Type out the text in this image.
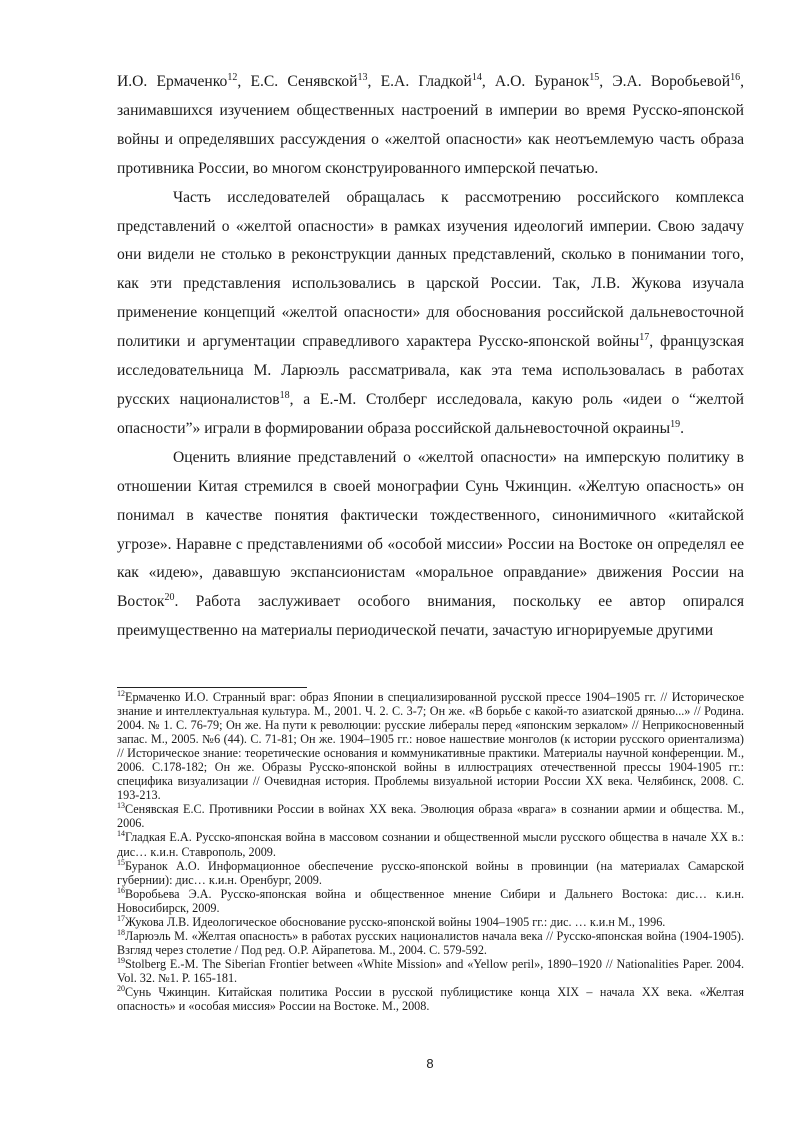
И.О. Ермаченко$^{12}$, Е.С. Сенявской$^{13}$, Е.А. Гладкой$^{14}$, А.О. Буранок$^{15}$, Э.А. Воробьевой$^{16}$, занимавшихся изучением общественных настроений в империи во время Русско-японской войны и определявших рассуждения о «желтой опасности» как неотъемлемую часть образа противника России, во многом сконструированного имперской печатью.

Часть исследователей обращалась к рассмотрению российского комплекса представлений о «желтой опасности» в рамках изучения идеологий империи. Свою задачу они видели не столько в реконструкции данных представлений, сколько в понимании того, как эти представления использовались в царской России. Так, Л.В. Жукова изучала применение концепций «желтой опасности» для обоснования российской дальневосточной политики и аргументации справедливого характера Русско-японской войны$^{17}$, французская исследовательница М. Ларюэль рассматривала, как эта тема использовалась в работах русских националистов$^{18}$, а Е.-М. Столберг исследовала, какую роль «идеи о “желтой опасности”» играли в формировании образа российской дальневосточной окраины$^{19}$.

Оценить влияние представлений о «желтой опасности» на имперскую политику в отношении Китая стремился в своей монографии Сунь Чжинцин. «Желтую опасность» он понимал в качестве понятия фактически тождественного, синонимичного «китайской угрозе». Наравне с представлениями об «особой миссии» России на Востоке он определял ее как «идею», дававшую экспансионистам «моральное оправдание» движения России на Восток$^{20}$. Работа заслуживает особого внимания, поскольку ее автор опирался преимущественно на материалы периодической печати, зачастую игнорируемые другими

$^{12}$Ермаченко И.О. Странный враг: образ Японии в специализированной русской прессе 1904–1905 гг. // Историческое знание и интеллектуальная культура. М., 2001. Ч. 2. С. 3-7; Он же. «В борьбе с какой-то азиатской дрянью...» // Родина. 2004. № 1. С. 76-79; Он же. На пути к революции: русские либералы перед «японским зеркалом» // Неприкосновенный запас. М., 2005. №6 (44). С. 71-81; Он же. 1904–1905 гг.: новое нашествие монголов (к истории русского ориентализма) // Историческое знание: теоретические основания и коммуникативные практики. Материалы научной конференции. М., 2006. С.178-182; Он же. Образы Русско-японской войны в иллюстрациях отечественной прессы 1904-1905 гг.: специфика визуализации // Очевидная история. Проблемы визуальной истории России XX века. Челябинск, 2008. С. 193-213.

$^{13}$Сенявская Е.С. Противники России в войнах XX века. Эволюция образа «врага» в сознании армии и общества. М., 2006.

$^{14}$Гладкая Е.А. Русско-японская война в массовом сознании и общественной мысли русского общества в начале XX в.: дис… к.и.н. Ставрополь, 2009.

$^{15}$Буранок А.О. Информационное обеспечение русско-японской войны в провинции (на материалах Самарской губернии): дис… к.и.н. Оренбург, 2009.

$^{16}$Воробьева Э.А. Русско-японская война и общественное мнение Сибири и Дальнего Востока: дис… к.и.н. Новосибирск, 2009.

$^{17}$Жукова Л.В. Идеологическое обоснование русско-японской войны 1904–1905 гг.: дис. … к.и.н М., 1996.

$^{18}$Ларюэль М. «Желтая опасность» в работах русских националистов начала века // Русско-японская война (1904-1905). Взгляд через столетие / Под ред. О.Р. Айрапетова. М., 2004. С. 579-592.

$^{19}$Stolberg E.-M. The Siberian Frontier between «White Mission» and «Yellow peril», 1890–1920 // Nationalities Paper. 2004. Vol. 32. №1. P. 165-181.

$^{20}$Сунь Чжинцин. Китайская политика России в русской публицистике конца XIX – начала XX века. «Желтая опасность» и «особая миссия» России на Востоке. М., 2008.

8
